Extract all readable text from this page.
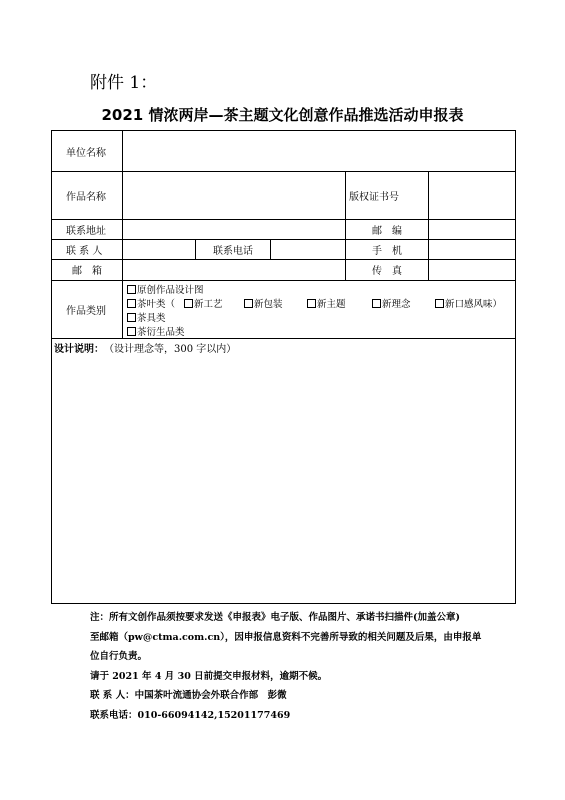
附件 1：
2021 情浓两岸—茶主题文化创意作品推选活动申报表
单位名称
作品名称	版权证书号
联系地址	邮　编
联 系 人	联系电话	手　机
邮　箱	传　真
作品类别
原创作品设计图
茶叶类（	新工艺	新包装	新主题	新理念	新口感风味）
茶具类
茶衍生品类
设计说明： （设计理念等，300 字以内）
注：所有文创作品须按要求发送《申报表》电子版、作品图片、承诺书扫描件(加盖公章)
至邮箱（pw@ctma.com.cn），因申报信息资料不完善所导致的相关问题及后果，由申报单
位自行负责。
请于 2021 年 4 月 30 日前提交申报材料，逾期不候。
联 系 人：中国茶叶流通协会外联合作部　彭微
联系电话：010-66094142,15201177469
